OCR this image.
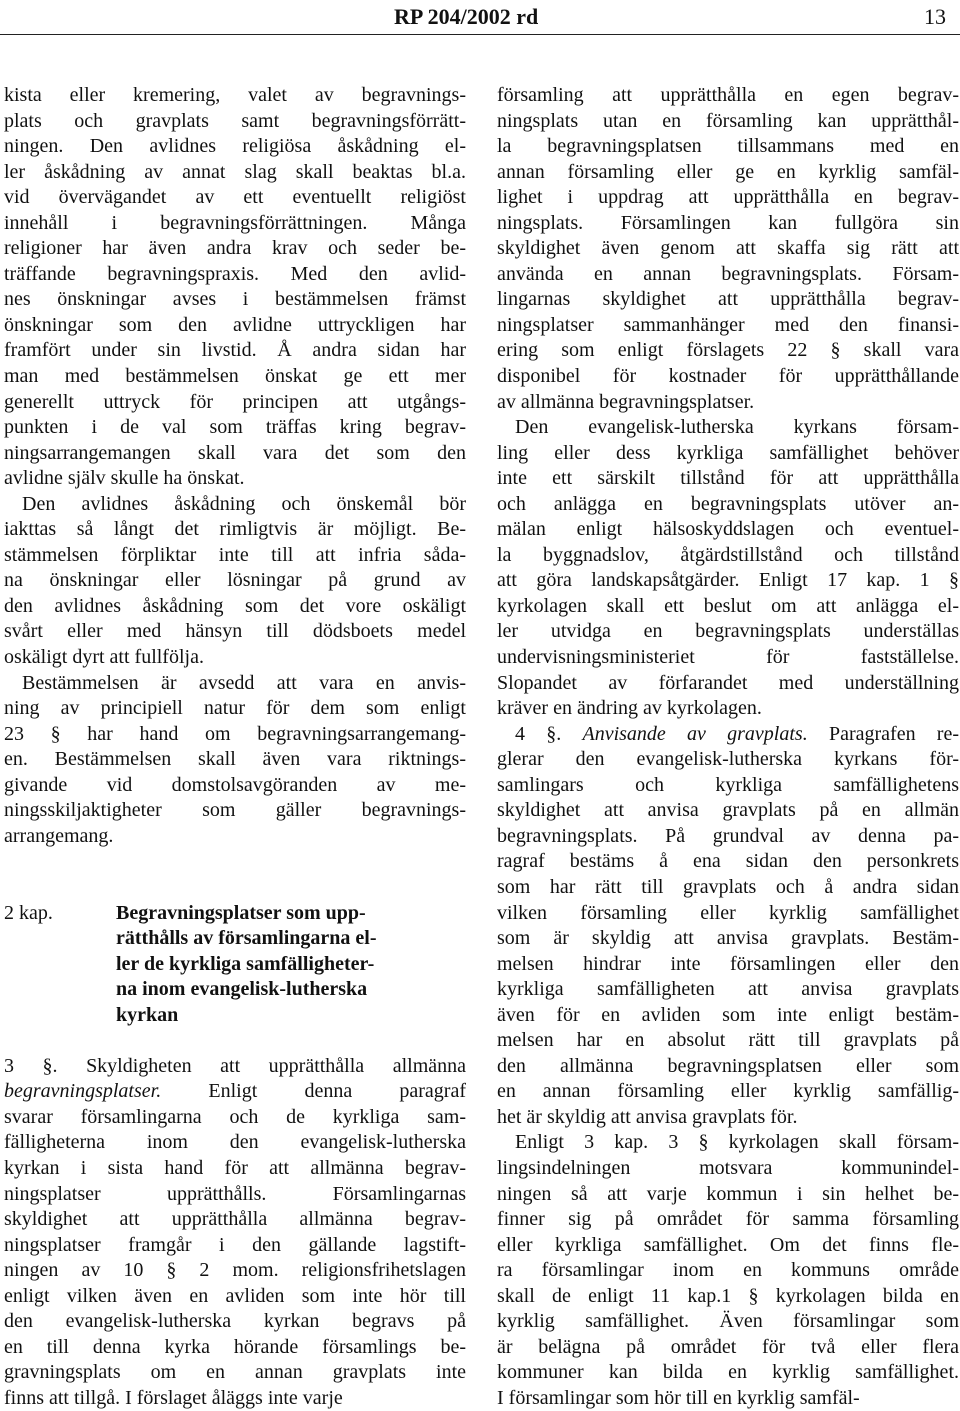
RP 204/2002 rd	13
kista eller kremering, valet av begravnings-
plats och gravplats samt begravningsförrätt-
ningen. Den avlidnes religiösa åskådning el-
ler åskådning av annat slag skall beaktas bl.a.
vid övervägandet av ett eventuellt religiöst
innehåll i begravningsförrättningen. Många
religioner har även andra krav och seder be-
träffande begravningspraxis. Med den avlid-
nes önskningar avses i bestämmelsen främst
önskningar som den avlidne uttryckligen har
framfört under sin livstid. Å andra sidan har
man med bestämmelsen önskat ge ett mer
generellt uttryck för principen att utgångs-
punkten i de val som träffas kring begrav-
ningsarrangemangen skall vara det som den
avlidne själv skulle ha önskat.
Den avlidnes åskådning och önskemål bör
iakttas så långt det rimligtvis är möjligt. Be-
stämmelsen förpliktar inte till att infria såda-
na önskningar eller lösningar på grund av
den avlidnes åskådning som det vore oskäligt
svårt eller med hänsyn till dödsboets medel
oskäligt dyrt att fullfölja.
Bestämmelsen är avsedd att vara en anvis-
ning av principiell natur för dem som enligt
23 § har hand om begravningsarrangemang-
en. Bestämmelsen skall även vara riktnings-
givande vid domstolsavgöranden av me-
ningsskiljaktigheter som gäller begravnings-
arrangemang.
2 kap.	Begravningsplatser som upp-
rätthålls av församlingarna el-
ler de kyrkliga samfälligheter-
na inom evangelisk-lutherska
kyrkan
3 §. Skyldigheten att upprätthålla allmänna
begravningsplatser. Enligt denna paragraf
svarar församlingarna och de kyrkliga sam-
fälligheterna inom den evangelisk-lutherska
kyrkan i sista hand för att allmänna begrav-
ningsplatser upprätthålls. Församlingarnas
skyldighet att upprätthålla allmänna begrav-
ningsplatser framgår i den gällande lagstift-
ningen av 10 § 2 mom. religionsfrihetslagen
enligt vilken även en avliden som inte hör till
den evangelisk-lutherska kyrkan begravs på
en till denna kyrka hörande församlings be-
gravningsplats om en annan gravplats inte
finns att tillgå. I förslaget åläggs inte varje
församling att upprätthålla en egen begrav-
ningsplats utan en församling kan upprätthål-
la begravningsplatsen tillsammans med en
annan församling eller ge en kyrklig samfäl-
lighet i uppdrag att upprätthålla en begrav-
ningsplats. Församlingen kan fullgöra sin
skyldighet även genom att skaffa sig rätt att
använda en annan begravningsplats. Försam-
lingarnas skyldighet att upprätthålla begrav-
ningsplatser sammanhänger med den finansi-
ering som enligt förslagets 22 § skall vara
disponibel för kostnader för upprätthållande
av allmänna begravningsplatser.
Den evangelisk-lutherska kyrkans försam-
ling eller dess kyrkliga samfällighet behöver
inte ett särskilt tillstånd för att upprätthålla
och anlägga en begravningsplats utöver an-
mälan enligt hälsoskyddslagen och eventuel-
la byggnadslov, åtgärdstillstånd och tillstånd
att göra landskapsåtgärder. Enligt 17 kap. 1 §
kyrkolagen skall ett beslut om att anlägga el-
ler utvidga en begravningsplats underställas
undervisningsministeriet för fastställelse.
Slopandet av förfarandet med underställning
kräver en ändring av kyrkolagen.
4 §. Anvisande av gravplats. Paragrafen re-
glerar den evangelisk-lutherska kyrkans för-
samlingars och kyrkliga samfällighetens
skyldighet att anvisa gravplats på en allmän
begravningsplats. På grundval av denna pa-
ragraf bestäms å ena sidan den personkrets
som har rätt till gravplats och å andra sidan
vilken församling eller kyrklig samfällighet
som är skyldig att anvisa gravplats. Bestäm-
melsen hindrar inte församlingen eller den
kyrkliga samfälligheten att anvisa gravplats
även för en avliden som inte enligt bestäm-
melsen har en absolut rätt till gravplats på
den allmänna begravningsplatsen eller som
en annan församling eller kyrklig samfällig-
het är skyldig att anvisa gravplats för.
Enligt 3 kap. 3 § kyrkolagen skall försam-
lingsindelningen motsvara kommunindel-
ningen så att varje kommun i sin helhet be-
finner sig på området för samma församling
eller kyrkliga samfällighet. Om det finns fle-
ra församlingar inom en kommuns område
skall de enligt 11 kap.1 § kyrkolagen bilda en
kyrklig samfällighet. Även församlingar som
är belägna på området för två eller flera
kommuner kan bilda en kyrklig samfällighet.
I församlingar som hör till en kyrklig samfäl-
